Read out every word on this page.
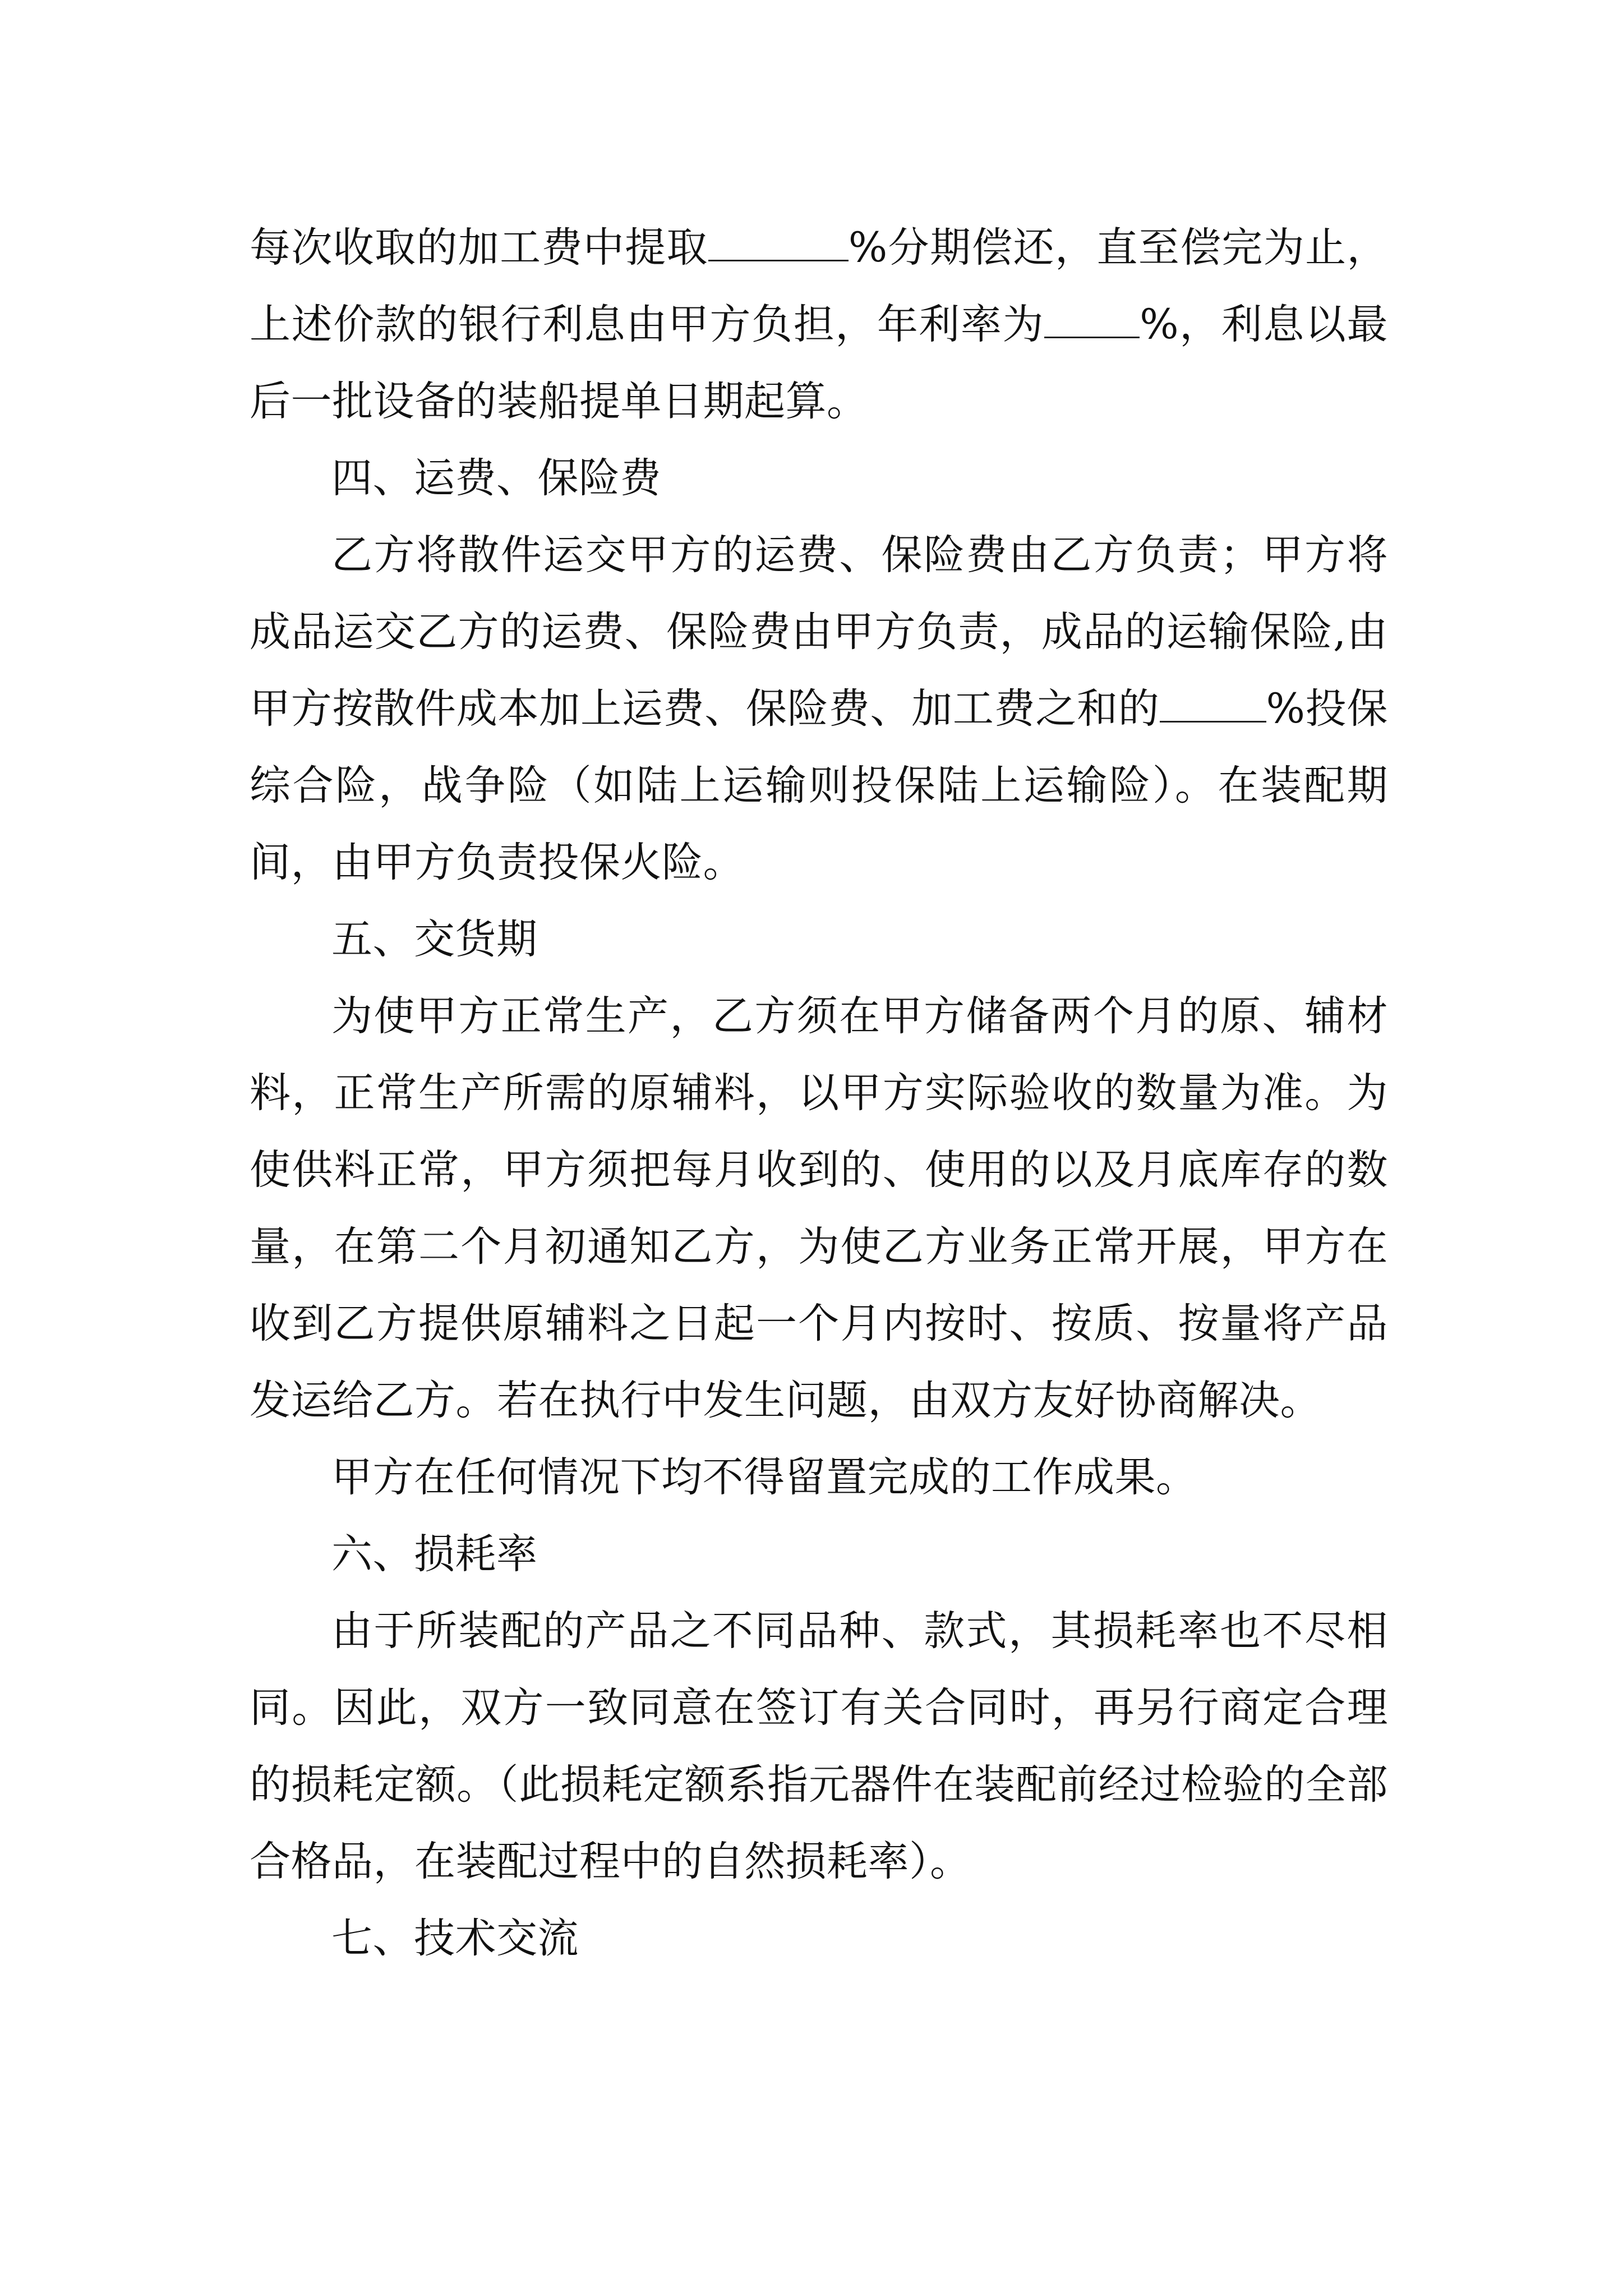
每次收取的加工费中提取	%分期偿还，直至偿完为止，上述价款的银行利息由甲方负担，年利率为 %，利息以最后一批设备的装船提单日期起算。

四、运费、保险费

乙方将散件运交甲方的运费、保险费由乙方负责；甲方将成品运交乙方的运费、保险费由甲方负责，成品的运输保险,由甲方按散件成本加上运费、保险费、加工费之和的	%投保综合险，战争险（如陆上运输则投保陆上运输险）。在装配期间，由甲方负责投保火险。

五、交货期

为使甲方正常生产，乙方须在甲方储备两个月的原、辅材料，正常生产所需的原辅料，以甲方实际验收的数量为准。为使供料正常，甲方须把每月收到的、使用的以及月底库存的数量，在第二个月初通知乙方，为使乙方业务正常开展，甲方在收到乙方提供原辅料之日起一个月内按时、按质、按量将产品发运给乙方。若在执行中发生问题，由双方友好协商解决。

甲方在任何情况下均不得留置完成的工作成果。

六、损耗率

由于所装配的产品之不同品种、款式，其损耗率也不尽相同。因此，双方一致同意在签订有关合同时，再另行商定合理的损耗定额。（此损耗定额系指元器件在装配前经过检验的全部合格品，在装配过程中的自然损耗率）。

七、技术交流
